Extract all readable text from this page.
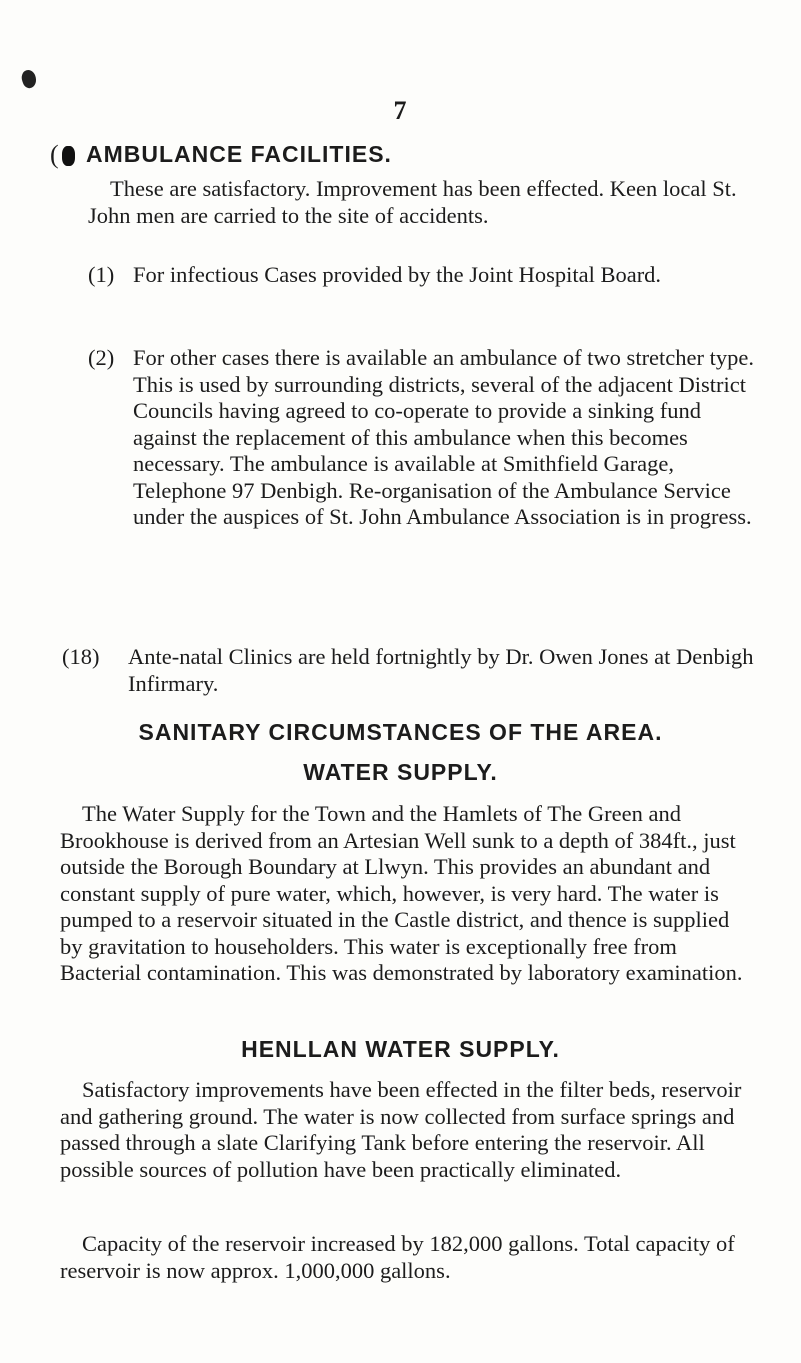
7
( AMBULANCE FACILITIES.

These are satisfactory. Improvement has been effected. Keen local St. John men are carried to the site of accidents.

(1) For infectious Cases provided by the Joint Hospital Board.

(2) For other cases there is available an ambulance of two stretcher type. This is used by surrounding districts, several of the adjacent District Councils having agreed to co-operate to provide a sinking fund against the replacement of this ambulance when this becomes necessary. The ambulance is available at Smithfield Garage, Telephone 97 Denbigh. Re-organisation of the Ambulance Service under the auspices of St. John Ambulance Association is in progress.

(18) Ante-natal Clinics are held fortnightly by Dr. Owen Jones at Denbigh Infirmary.

SANITARY CIRCUMSTANCES OF THE AREA.
WATER SUPPLY.

The Water Supply for the Town and the Hamlets of The Green and Brookhouse is derived from an Artesian Well sunk to a depth of 384ft., just outside the Borough Boundary at Llwyn. This provides an abundant and constant supply of pure water, which, however, is very hard. The water is pumped to a reservoir situated in the Castle district, and thence is supplied by gravitation to householders. This water is exceptionally free from Bacterial contamination. This was demonstrated by laboratory examination.

HENLLAN WATER SUPPLY.

Satisfactory improvements have been effected in the filter beds, reservoir and gathering ground. The water is now collected from surface springs and passed through a slate Clarifying Tank before entering the reservoir. All possible sources of pollution have been practically eliminated.

Capacity of the reservoir increased by 182,000 gallons. Total capacity of reservoir is now approx. 1,000,000 gallons.
